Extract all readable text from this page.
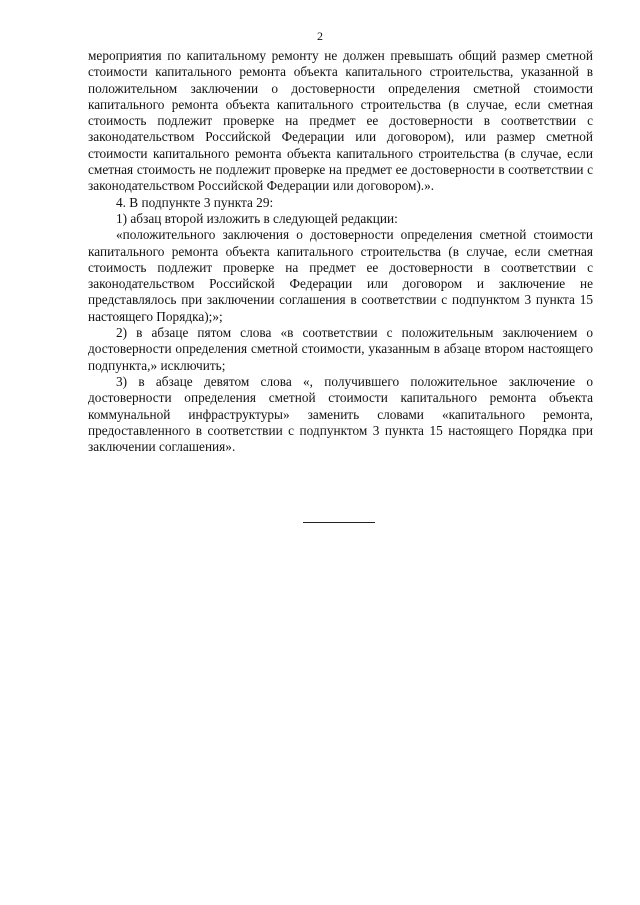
2

мероприятия по капитальному ремонту не должен превышать общий размер сметной стоимости капитального ремонта объекта капитального строительства, указанной в положительном заключении о достоверности определения сметной стоимости капитального ремонта объекта капитального строительства (в случае, если сметная стоимость подлежит проверке на предмет ее достоверности в соответствии с законодательством Российской Федерации или договором), или размер сметной стоимости капитального ремонта объекта капитального строительства (в случае, если сметная стоимость не подлежит проверке на предмет ее достоверности в соответствии с законодательством Российской Федерации или договором).».

4. В подпункте 3 пункта 29:

1) абзац второй изложить в следующей редакции:

«положительного заключения о достоверности определения сметной стоимости капитального ремонта объекта капитального строительства (в случае, если сметная стоимость подлежит проверке на предмет ее достоверности в соответствии с законодательством Российской Федерации или договором и заключение не представлялось при заключении соглашения в соответствии с подпунктом 3 пункта 15 настоящего Порядка);»;

2) в абзаце пятом слова «в соответствии с положительным заключением о достоверности определения сметной стоимости, указанным в абзаце втором настоящего подпункта,» исключить;

3) в абзаце девятом слова «, получившего положительное заключение о достоверности определения сметной стоимости капитального ремонта объекта коммунальной инфраструктуры» заменить словами «капитального ремонта, предоставленного в соответствии с подпунктом 3 пункта 15 настоящего Порядка при заключении соглашения».
